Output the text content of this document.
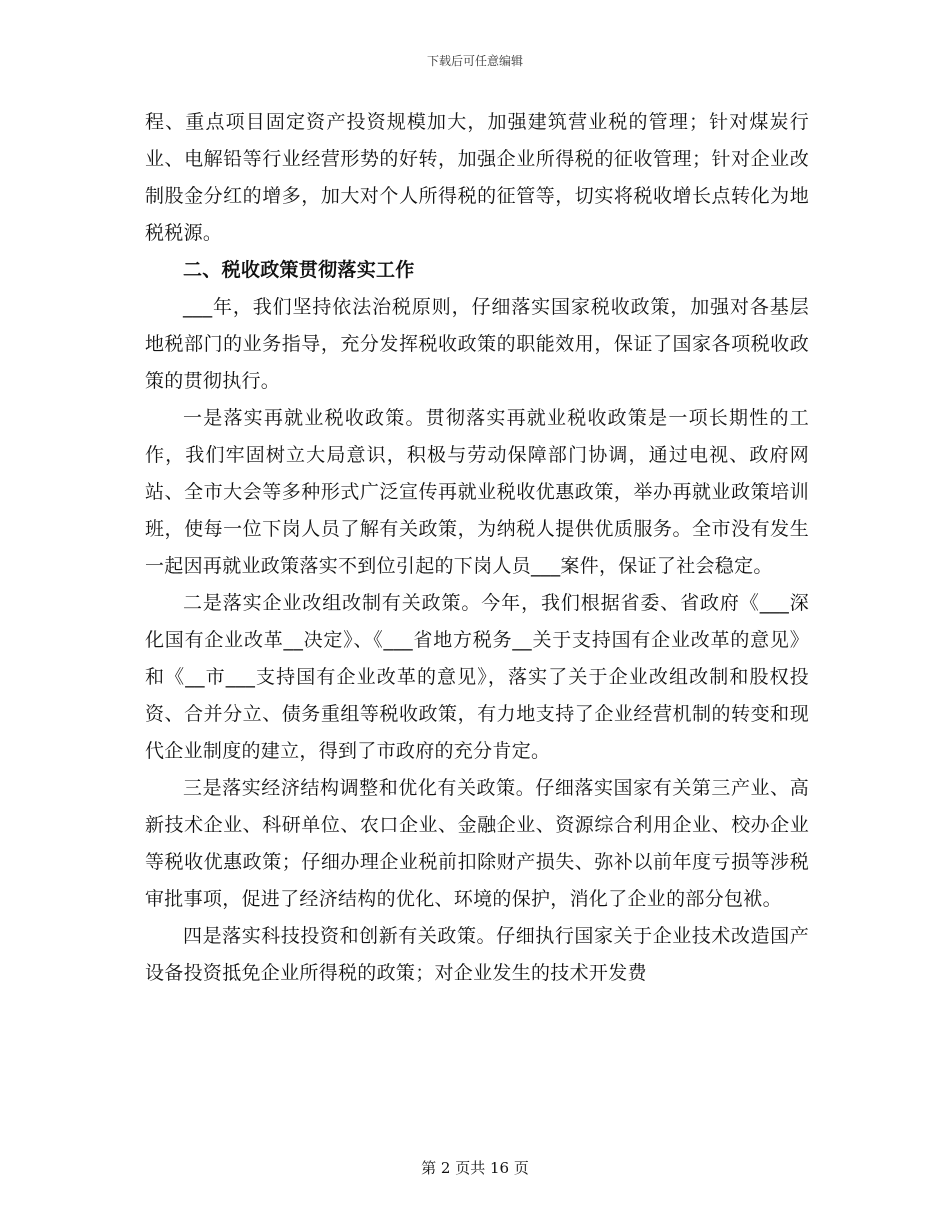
下载后可任意编辑

程、重点项目固定资产投资规模加大，加强建筑营业税的管理；针对煤炭行业、电解铅等行业经营形势的好转，加强企业所得税的征收管理；针对企业改制股金分红的增多，加大对个人所得税的征管等，切实将税收增长点转化为地税税源。

二、税收政策贯彻落实工作

___年，我们坚持依法治税原则，仔细落实国家税收政策，加强对各基层地税部门的业务指导，充分发挥税收政策的职能效用，保证了国家各项税收政策的贯彻执行。

一是落实再就业税收政策。贯彻落实再就业税收政策是一项长期性的工作，我们牢固树立大局意识，积极与劳动保障部门协调，通过电视、政府网站、全市大会等多种形式广泛宣传再就业税收优惠政策，举办再就业政策培训班，使每一位下岗人员了解有关政策，为纳税人提供优质服务。全市没有发生一起因再就业政策落实不到位引起的下岗人员___案件，保证了社会稳定。

二是落实企业改组改制有关政策。今年，我们根据省委、省政府《___深化国有企业改革__决定》、《___省地方税务__关于支持国有企业改革的意见》和《__市___支持国有企业改革的意见》，落实了关于企业改组改制和股权投资、合并分立、债务重组等税收政策，有力地支持了企业经营机制的转变和现代企业制度的建立，得到了市政府的充分肯定。

三是落实经济结构调整和优化有关政策。仔细落实国家有关第三产业、高新技术企业、科研单位、农口企业、金融企业、资源综合利用企业、校办企业等税收优惠政策；仔细办理企业税前扣除财产损失、弥补以前年度亏损等涉税审批事项，促进了经济结构的优化、环境的保护，消化了企业的部分包袱。

四是落实科技投资和创新有关政策。仔细执行国家关于企业技术改造国产设备投资抵免企业所得税的政策；对企业发生的技术开发费

第 2 页共 16 页
